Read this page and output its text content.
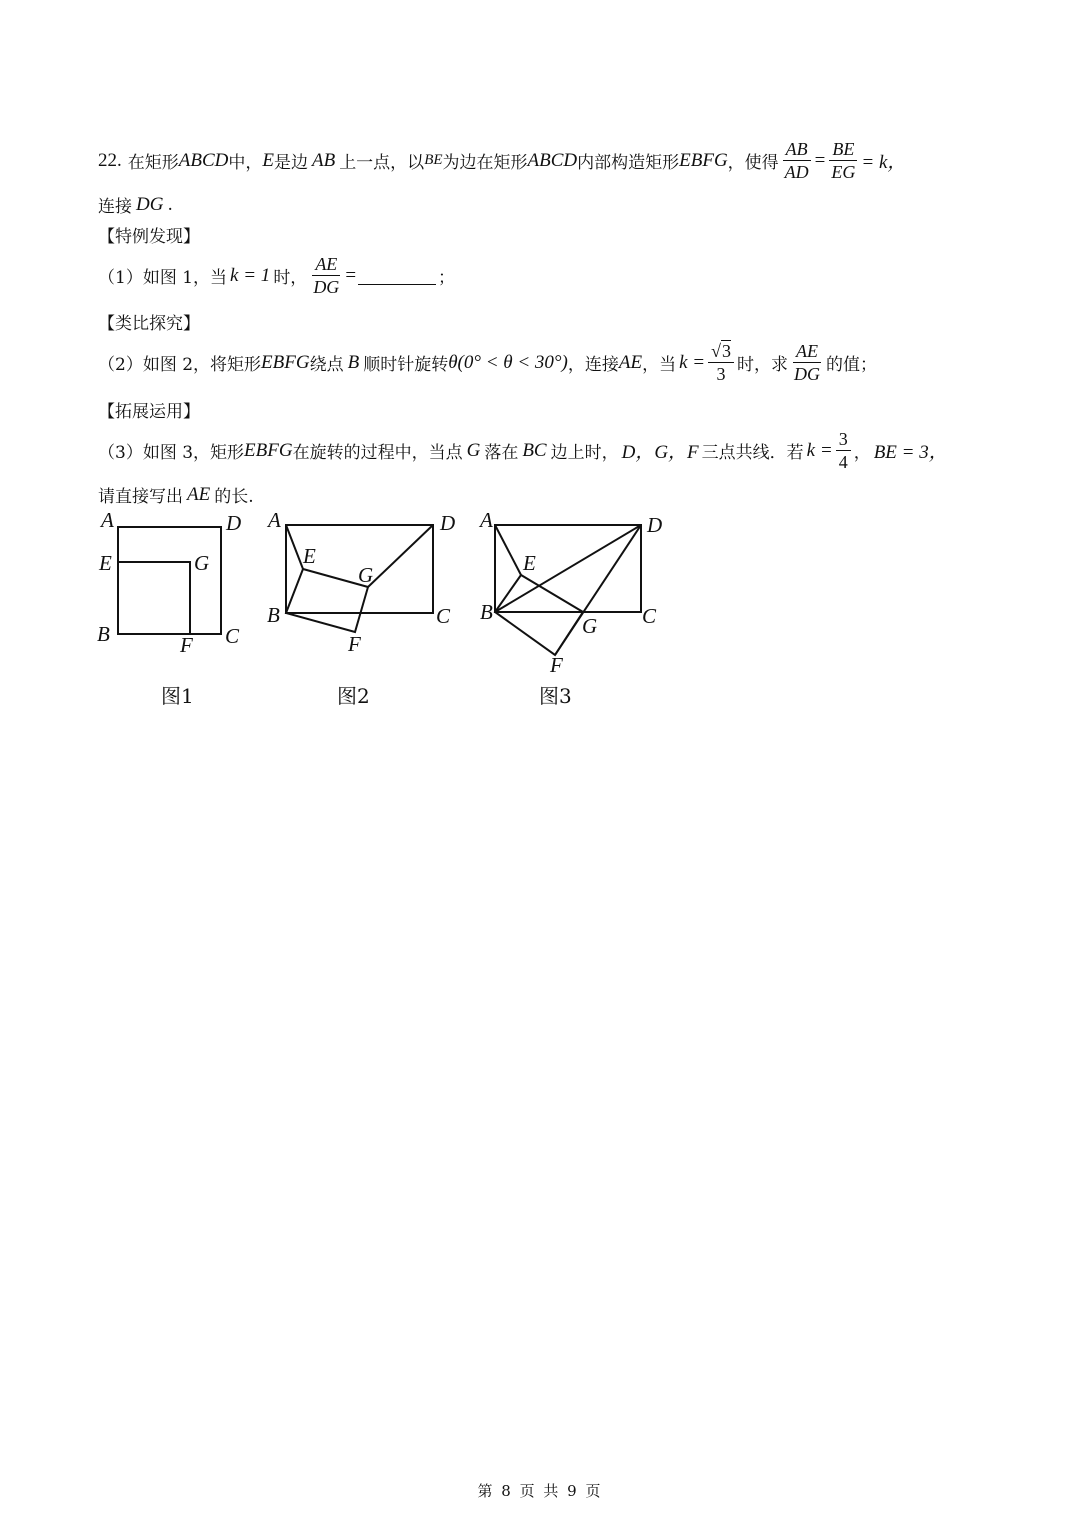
22. 在矩形 ABCD 中， E 是边 AB 上一点，以 BE 为边在矩形 ABCD 内部构造矩形 EBFG ，使得 $\frac{AB}{AD} = \frac{BE}{EG} = k$，
连接 DG .
【特例发现】
（1）如图 1，当 k = 1 时， $\frac{AE}{DG}$ =	；
【类比探究】
（2）如图 2，将矩形 EBFG 绕点 B 顺时针旋转 θ(0° < θ < 30°) ，连接 AE ，当 $k = \frac{√3}{3}$ 时，求 $\frac{AE}{DG}$ 的值；
【拓展运用】
（3）如图 3，矩形 EBFG 在旋转的过程中，当点 G 落在 BC 边上时， D，G，F 三点共线．若 $k = \frac{3}{4}$ ， BE = 3，
请直接写出 AE 的长.
A	D
E	G
B	F C
A	D
E
G
B
F
C
A	D
E
G
B
F
C
图1	图2	图3
第 8 页 共 9 页
